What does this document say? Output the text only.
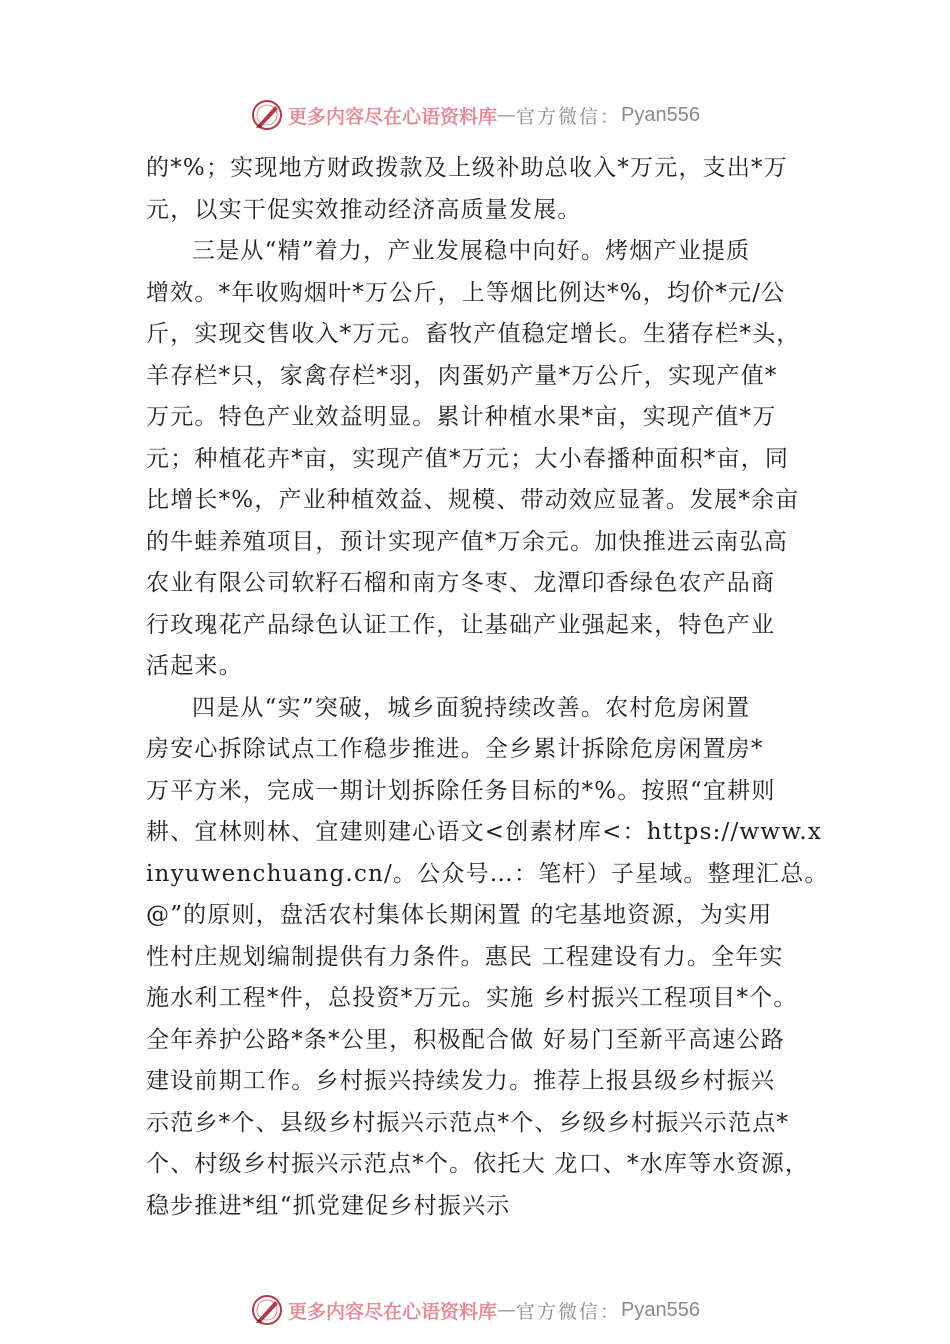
更多内容尽在心语资料库 — 官方微信： Pyan556
的*%；实现地方财政拨款及上级补助总收入*万元，支出*万
元，以实干促实效推动经济高质量发展。
三是从“精”着力，产业发展稳中向好。烤烟产业提质
增效。*年收购烟叶*万公斤，上等烟比例达*%，均价*元/公
斤，实现交售收入*万元。畜牧产值稳定增长。生猪存栏*头，
羊存栏*只，家禽存栏*羽，肉蛋奶产量*万公斤，实现产值*
万元。特色产业效益明显。累计种植水果*亩，实现产值*万
元；种植花卉*亩，实现产值*万元；大小春播种面积*亩，同
比增长*%，产业种植效益、规模、带动效应显著。发展*余亩
的牛蛙养殖项目，预计实现产值*万余元。加快推进云南弘高
农业有限公司软籽石榴和南方冬枣、龙潭印香绿色农产品商
行玫瑰花产品绿色认证工作，让基础产业强起来，特色产业
活起来。
四是从“实”突破，城乡面貌持续改善。农村危房闲置
房安心拆除试点工作稳步推进。全乡累计拆除危房闲置房*
万平方米，完成一期计划拆除任务目标的*%。按照“宜耕则
耕、宜林则林、宜建则建心语文<创素材库<：https://www.x
inyuwenchuang.cn/。公众号…：笔杆）子星域。整理汇总。
@”的原则，盘活农村集体长期闲置 的宅基地资源，为实用
性村庄规划编制提供有力条件。惠民 工程建设有力。全年实
施水利工程*件，总投资*万元。实施 乡村振兴工程项目*个。
全年养护公路*条*公里，积极配合做 好易门至新平高速公路
建设前期工作。乡村振兴持续发力。推荐上报县级乡村振兴
示范乡*个、县级乡村振兴示范点*个、乡级乡村振兴示范点*
个、村级乡村振兴示范点*个。依托大 龙口、*水库等水资源，
稳步推进*组“抓党建促乡村振兴示
更多内容尽在心语资料库 — 官方微信： Pyan556
